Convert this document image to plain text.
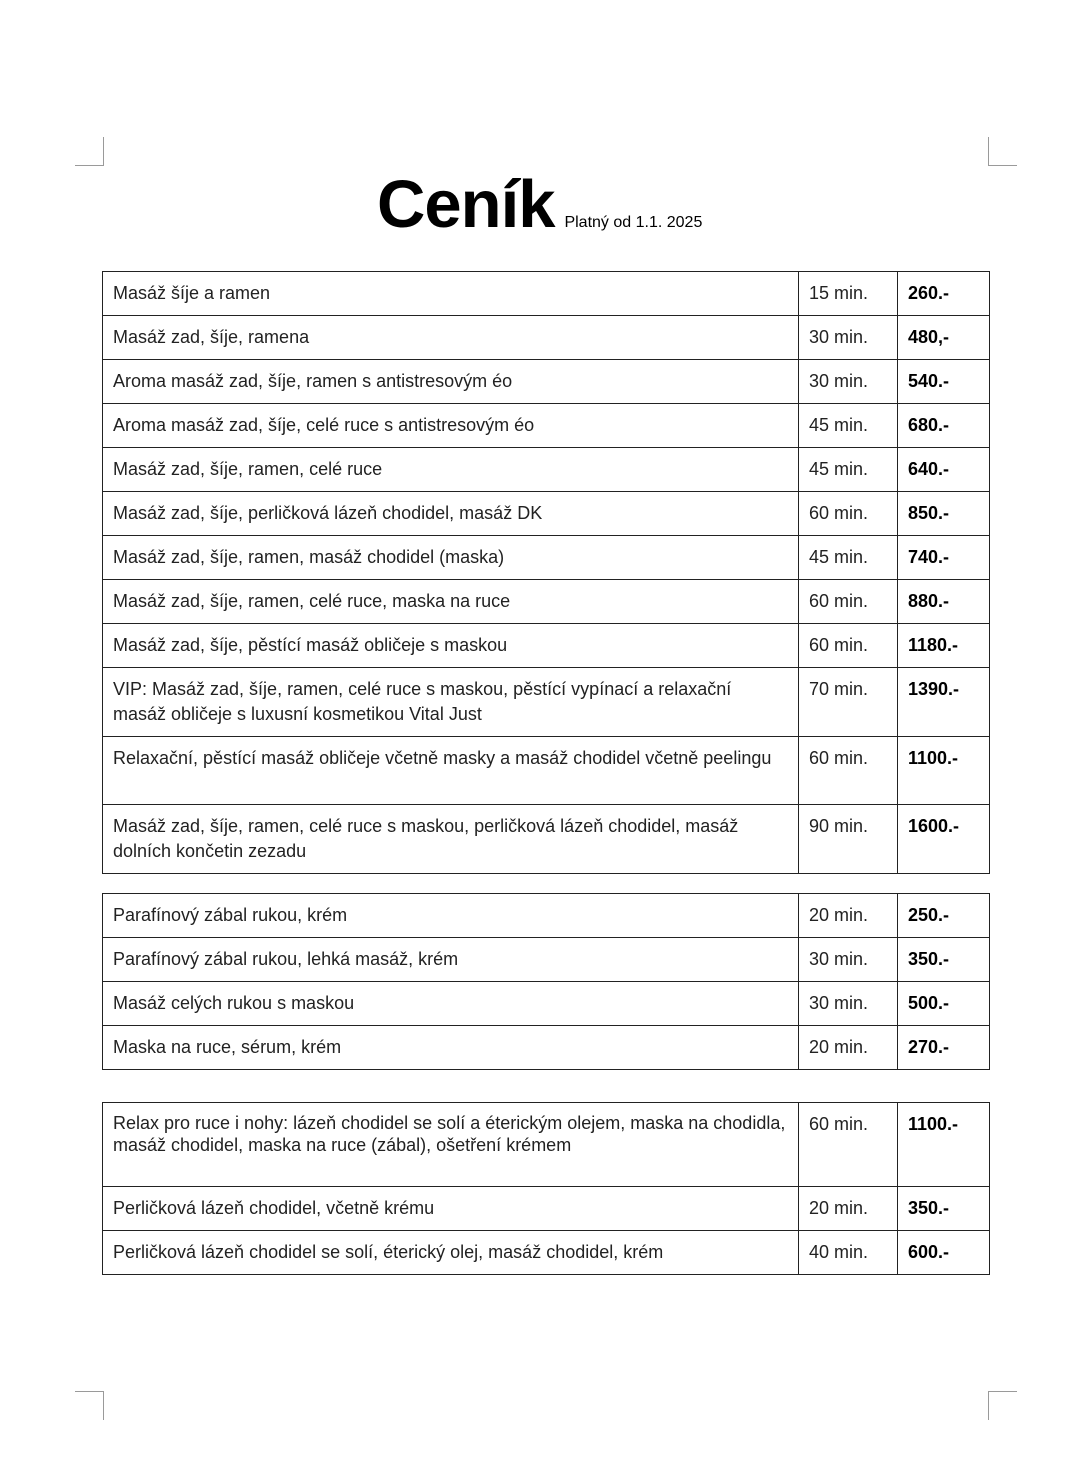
Ceník Platný od 1.1. 2025
Masáž šíje a ramen	15 min.	260.-
Masáž zad, šíje, ramena	30 min.	480,-
Aroma masáž zad, šíje, ramen s antistresovým éo	30 min.	540.-
Aroma masáž zad, šíje, celé ruce s antistresovým éo	45 min.	680.-
Masáž zad, šíje, ramen, celé ruce	45 min.	640.-
Masáž zad, šíje, perličková lázeň chodidel, masáž DK	60 min.	850.-
Masáž zad, šíje, ramen, masáž chodidel (maska)	45 min.	740.-
Masáž zad, šíje, ramen, celé ruce, maska na ruce	60 min.	880.-
Masáž zad, šíje, pěstící masáž obličeje s maskou	60 min.	1180.-
VIP: Masáž zad, šíje, ramen, celé ruce s maskou, pěstící vypínací a relaxační masáž obličeje s luxusní kosmetikou Vital Just	70 min.	1390.-
Relaxační, pěstící masáž obličeje včetně masky a masáž chodidel včetně peelingu	60 min.	1100.-
Masáž zad, šíje, ramen, celé ruce s maskou, perličková lázeň chodidel, masáž dolních končetin zezadu	90 min.	1600.-
Parafínový zábal rukou, krém	20 min.	250.-
Parafínový zábal rukou, lehká masáž, krém	30 min.	350.-
Masáž celých rukou s maskou	30 min.	500.-
Maska na ruce, sérum, krém	20 min.	270.-
Relax pro ruce i nohy: lázeň chodidel se solí a éterickým olejem, maska na chodidla, masáž chodidel, maska na ruce (zábal), ošetření krémem	60 min.	1100.-
Perličková lázeň chodidel, včetně krému	20 min.	350.-
Perličková lázeň chodidel se solí, éterický olej, masáž chodidel, krém	40 min.	600.-
